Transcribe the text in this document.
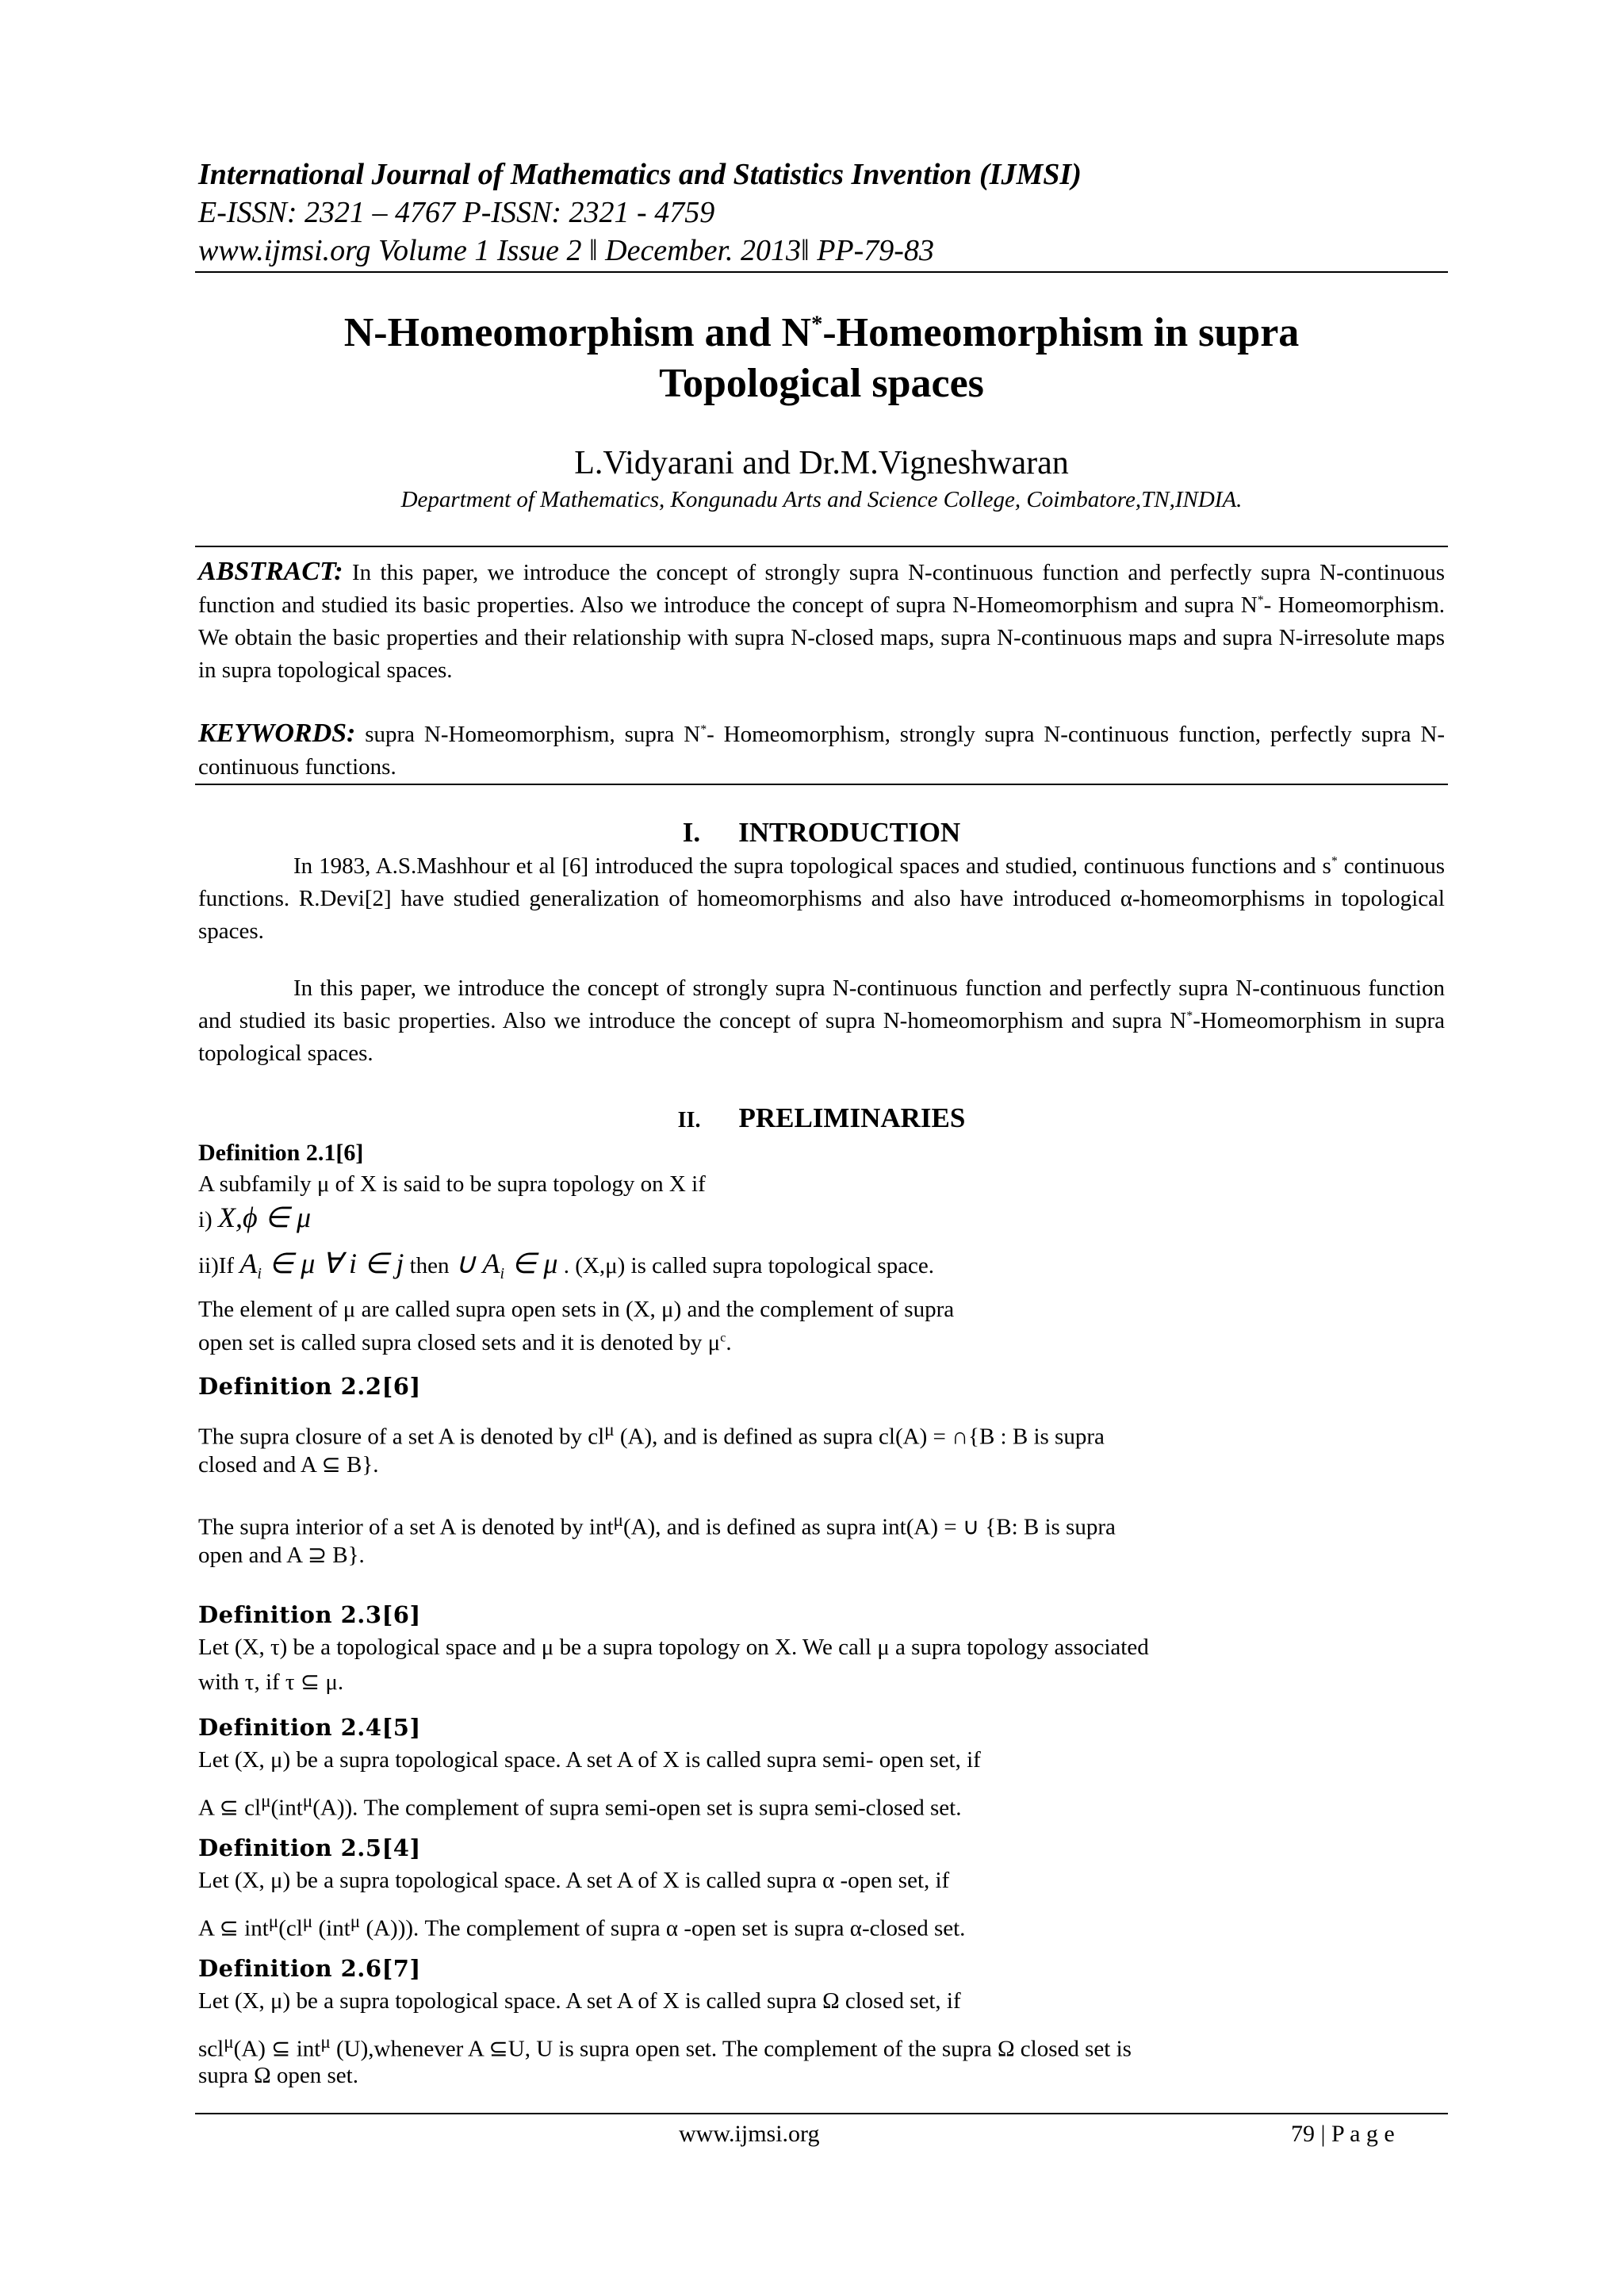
International Journal of Mathematics and Statistics Invention (IJMSI)
E-ISSN: 2321 – 4767 P-ISSN: 2321 - 4759
www.ijmsi.org Volume 1 Issue 2 ǁ December. 2013ǁ PP-79-83
N-Homeomorphism and N*-Homeomorphism in supra
Topological spaces
L.Vidyarani and Dr.M.Vigneshwaran
Department of Mathematics, Kongunadu Arts and Science College, Coimbatore,TN,INDIA.
ABSTRACT: In this paper, we introduce the concept of strongly supra N-continuous function and perfectly supra N-continuous function and studied its basic properties. Also we introduce the concept of supra N-Homeomorphism and supra N*- Homeomorphism. We obtain the basic properties and their relationship with supra N-closed maps, supra N-continuous maps and supra N-irresolute maps in supra topological spaces.
KEYWORDS: supra N-Homeomorphism, supra N*- Homeomorphism, strongly supra N-continuous function, perfectly supra N-continuous functions.
I. INTRODUCTION
In 1983, A.S.Mashhour et al [6] introduced the supra topological spaces and studied, continuous functions and s* continuous functions. R.Devi[2] have studied generalization of homeomorphisms and also have introduced α-homeomorphisms in topological spaces.
In this paper, we introduce the concept of strongly supra N-continuous function and perfectly supra N-continuous function and studied its basic properties. Also we introduce the concept of supra N-homeomorphism and supra N*-Homeomorphism in supra topological spaces.
II. PRELIMINARIES
Definition 2.1[6]
A subfamily μ of X is said to be supra topology on X if
i) X,ϕ ∈ μ
ii)If $A_i$ ∈ μ ∀ i ∈ j then ∪ $A_i$ ∈ μ . (X,μ) is called supra topological space.
The element of μ are called supra open sets in (X, μ) and the complement of supra
open set is called supra closed sets and it is denoted by $\mu^c$.
Definition 2.2[6]
The supra closure of a set A is denoted by $cl^\mu$ (A), and is defined as supra cl(A) = ∩{B : B is supra
closed and A ⊆ B}.
The supra interior of a set A is denoted by int$^\mu$(A), and is defined as supra int(A) = ∪ {B: B is supra
open and A ⊇ B}.
Definition 2.3[6]
Let (X, τ) be a topological space and μ be a supra topology on X. We call μ a supra topology associated
with τ, if τ ⊆ μ.
Definition 2.4[5]
Let (X, μ) be a supra topological space. A set A of X is called supra semi- open set, if
A ⊆ $cl^\mu(int^\mu(A))$. The complement of supra semi-open set is supra semi-closed set.
Definition 2.5[4]
Let (X, μ) be a supra topological space. A set A of X is called supra α -open set, if
A ⊆ $int^\mu(cl^\mu$ (int$^\mu$ (A))). The complement of supra α -open set is supra α-closed set.
Definition 2.6[7]
Let (X, μ) be a supra topological space. A set A of X is called supra Ω closed set, if
scl$^\mu$(A) ⊆ int$^\mu$ (U),whenever A ⊆U, U is supra open set. The complement of the supra Ω closed set is
supra Ω open set.
www.ijmsi.org	79 | P a g e
